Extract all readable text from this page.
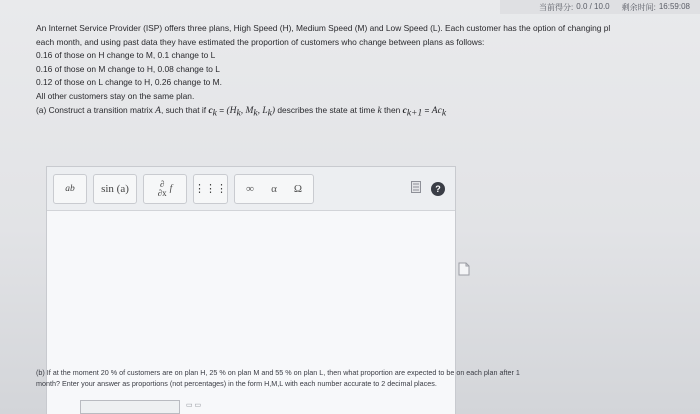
当前得分: 0.0 / 10.0 剩余时间: 16:59:08

An Internet Service Provider (ISP) offers three plans, High Speed (H), Medium Speed (M) and Low Speed (L). Each customer has the option of changing pl

each month, and using past data they have estimated the proportion of customers who change between plans as follows:

0.16 of those on H change to M, 0.1 change to L

0.16 of those on M change to H, 0.08 change to L

0.12 of those on L change to H, 0.26 change to M.

All other customers stay on the same plan.

(a) Construct a transition matrix A, such that if $c_k = (H_k$, $M_k$, $L_k$) describes the state at time k then $c_{k+1} = Ac_k$

a b	sin (a)	∂
∂x f ⋮⋮⋮	∞	α	Ω	?

(b) If at the moment 20 % of customers are on plan H, 25 % on plan M and 55 % on plan L, then what proportion are expected to be on each plan after 1

month? Enter your answer as proportions (not percentages) in the form H,M,L with each number accurate to 2 decimal places.

▭ ▭
